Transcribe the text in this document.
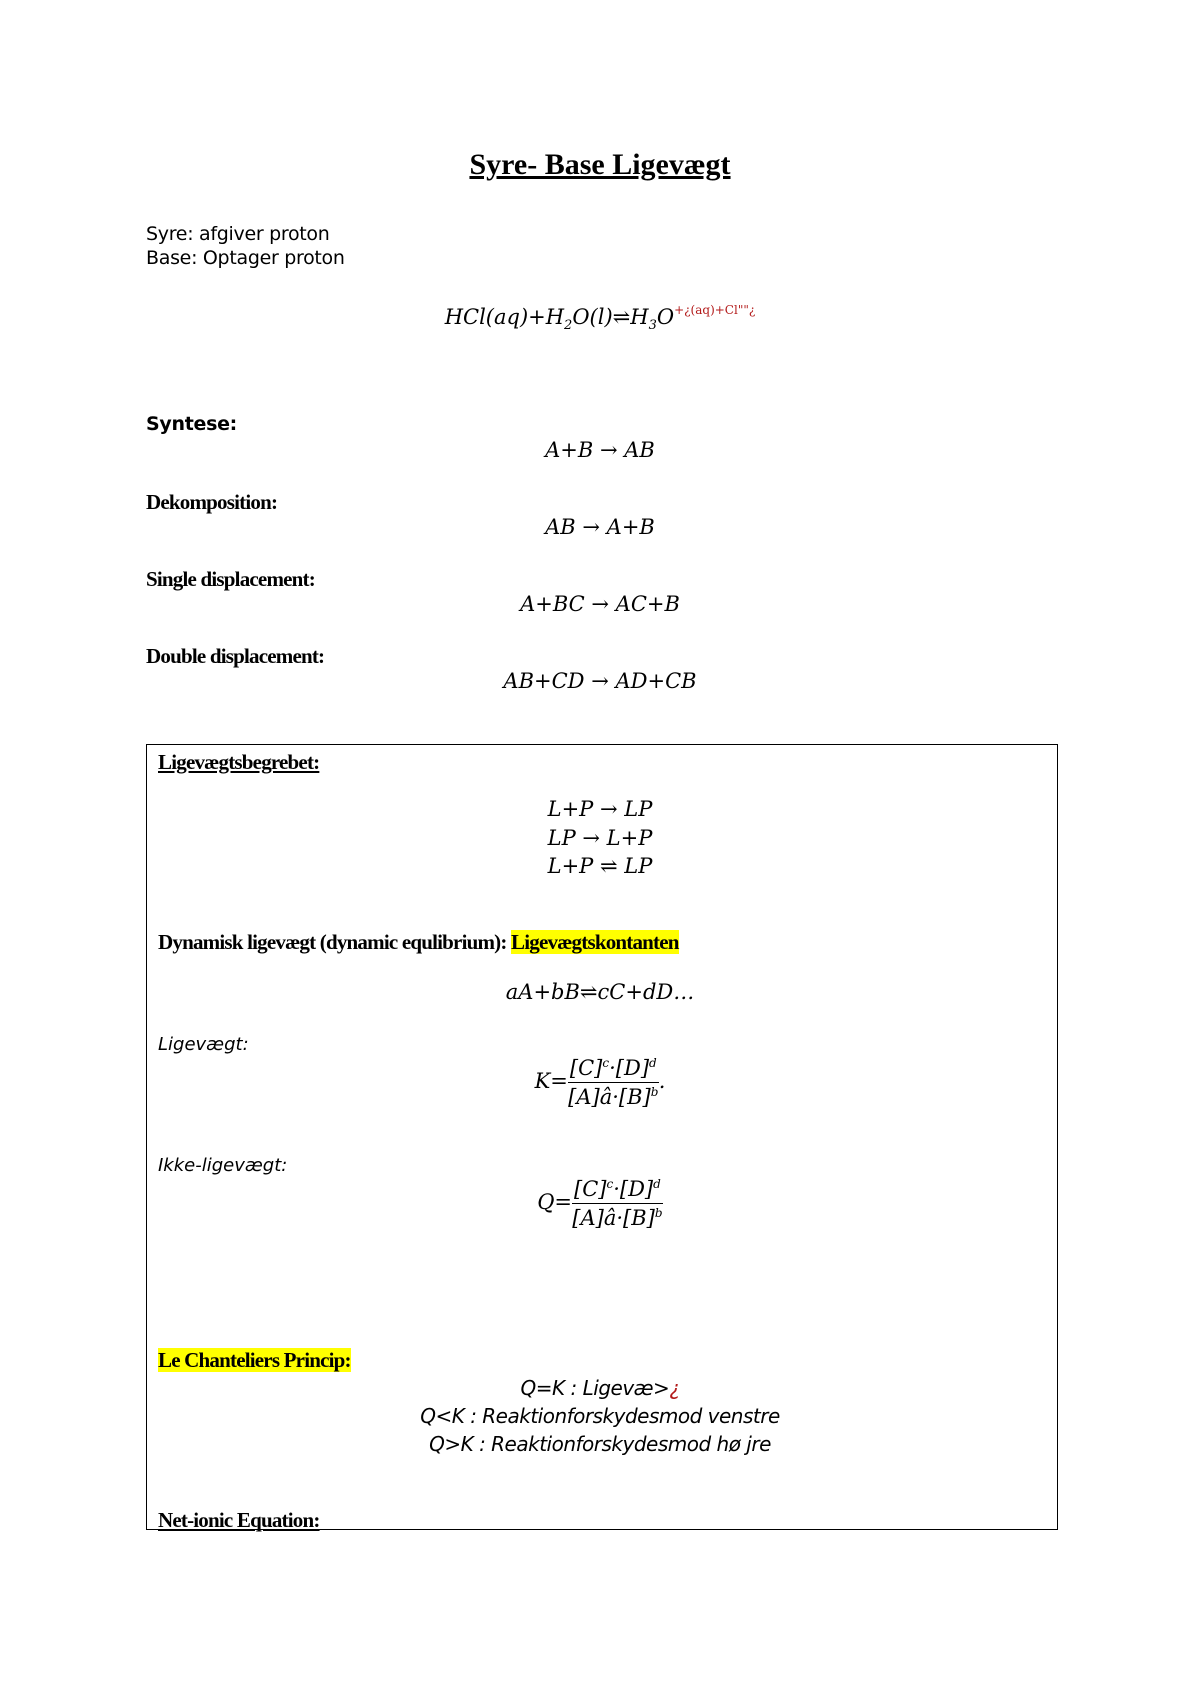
Syre- Base Ligevægt
Syre: afgiver proton
Base: Optager proton
$HCl(aq)+H_2O(l)\rightleftharpoons H_3O^{+¿(aq)+Cl""¿}$
Syntese:
A+B → AB
Dekomposition:
AB → A+B
Single displacement:
A+BC → AC+B
Double displacement:
AB+CD → AD+CB
Ligevægtsbegrebet:
L+P → LP
LP → L+P
L+P ⇌ LP
Dynamisk ligevægt (dynamic equlibrium): Ligevægtskontanten
aA+bB⇌cC+dD…
Ligevægt:
$K= \frac{[C]^c\cdot[D]^d}{[A]â\cdot[B]^b}$ .
Ikke-ligevægt:
$Q= \frac{[C]^c\cdot[D]^d}{[A]â\cdot[B]^b}$
Le Chanteliers Princip:
Q=K : Ligevæ>¿
Q<K : Reaktionforskydesmod venstre
Q>K : Reaktionforskydesmod hø jre
Net-ionic Equation:
